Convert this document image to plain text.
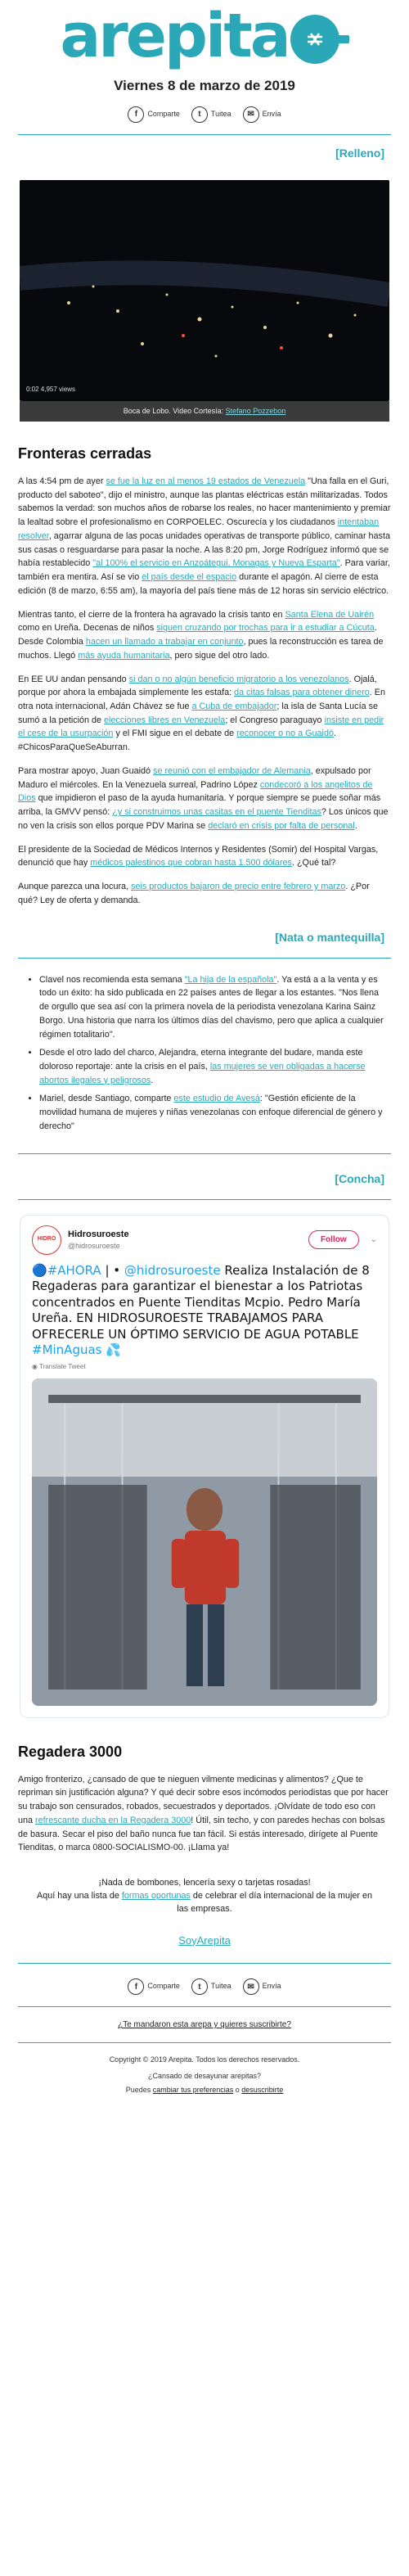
arepita
Viernes 8 de marzo de 2019
f	Comparte	t	Tuitea	✉	Envía
[Relleno]
0:02 4,957 views
Boca de Lobo. Video Cortesía: Stefano Pozzebon
Fronteras cerradas
A las 4:54 pm de ayer se fue la luz en al menos 19 estados de Venezuela "Una falla en el Guri, producto del saboteo", dijo el ministro, aunque las plantas eléctricas están militarizadas. Todos sabemos la verdad: son muchos años de robarse los reales, no hacer mantenimiento y premiar la lealtad sobre el profesionalismo en CORPOELEC. Oscurecía y los ciudadanos intentaban resolver, agarrar alguna de las pocas unidades operativas de transporte público, caminar hasta sus casas o resguardarse para pasar la noche. A las 8:20 pm, Jorge Rodríguez informó que se había restablecido "al 100% el servicio en Anzoátegui, Monagas y Nueva Esparta". Para variar, también era mentira. Así se vio el país desde el espacio durante el apagón. Al cierre de esta edición (8 de marzo, 6:55 am), la mayoría del país tiene más de 12 horas sin servicio eléctrico.
Mientras tanto, el cierre de la frontera ha agravado la crisis tanto en Santa Elena de Uairén como en Ureña. Decenas de niños siguen cruzando por trochas para ir a estudiar a Cúcuta. Desde Colombia hacen un llamado a trabajar en conjunto, pues la reconstrucción es tarea de muchos. Llegó más ayuda humanitaria, pero sigue del otro lado.
En EE UU andan pensando si dan o no algún beneficio migratorio a los venezolanos. Ojalá, porque por ahora la embajada simplemente les estafa: da citas falsas para obtener dinero. En otra nota internacional, Adán Chávez se fue a Cuba de embajador; la isla de Santa Lucía se sumó a la petición de elecciones libres en Venezuela; el Congreso paraguayo insiste en pedir el cese de la usurpación y el FMI sigue en el debate de reconocer o no a Guaidó. #ChicosParaQueSeAburran.
Para mostrar apoyo, Juan Guaidó se reunió con el embajador de Alemania, expulsado por Maduro el miércoles. En la Venezuela surreal, Padrino López condecoró a los angelitos de Dios que impidieron el paso de la ayuda humanitaria. Y porque siempre se puede soñar más arriba, la GMVV pensó: ¿y si construimos unas casitas en el puente Tienditas? Los únicos que no ven la crisis son ellos porque PDV Marina se declaró en crisis por falta de personal.
El presidente de la Sociedad de Médicos Internos y Residentes (Somir) del Hospital Vargas, denunció que hay médicos palestinos que cobran hasta 1.500 dólares. ¿Qué tal?
Aunque parezca una locura, seis productos bajaron de precio entre febrero y marzo. ¿Por qué? Ley de oferta y demanda.
[Nata o mantequilla]
• Clavel nos recomienda esta semana "La hija de la española". Ya está a a la venta y es todo un éxito: ha sido publicada en 22 países antes de llegar a los estantes. "Nos llena de orgullo que sea así con la primera novela de la periodista venezolana Karina Sainz Borgo. Una historia que narra los últimos días del chavismo, pero que aplica a cualquier régimen totalitario".
• Desde el otro lado del charco, Alejandra, eterna integrante del budare, manda este doloroso reportaje: ante la crisis en el país, las mujeres se ven obligadas a hacerse abortos ilegales y peligrosos.
• Mariel, desde Santiago, comparte este estudio de Avesá: "Gestión eficiente de la movilidad humana de mujeres y niñas venezolanas con enfoque diferencial de género y derecho"
[Concha]
HIDRO
Hidrosuroeste
@hidrosuroeste
Follow	⌄
🔵#AHORA | • @hidrosuroeste Realiza Instalación de 8 Regaderas para garantizar el bienestar a los Patriotas concentrados en Puente Tienditas Mcpio. Pedro María Ureña. EN HIDROSUROESTE TRABAJAMOS PARA OFRECERLE UN ÓPTIMO SERVICIO DE AGUA POTABLE #MinAguas 💦
◉ Translate Tweet
Regadera 3000
Amigo fronterizo, ¿cansado de que te nieguen vilmente medicinas y alimentos? ¿Que te repriman sin justificación alguna? Y qué decir sobre esos incómodos periodistas que por hacer su trabajo son censurados, robados, secuestrados y deportados. ¡Olvídate de todo eso con una refrescante ducha en la Regadera 3000! Útil, sin techo, y con paredes hechas con bolsas de basura. Secar el piso del baño nunca fue tan fácil. Si estás interesado, dirígete al Puente Tienditas, o marca 0800-SOCIALISMO-00. ¡Llama ya!
¡Nada de bombones, lencería sexy o tarjetas rosadas!
Aquí hay una lista de formas oportunas de celebrar el día internacional de la mujer en las empresas.
SoyArepita
f	Comparte	t	Tuitea	✉	Envía
¿Te mandaron esta arepa y quieres suscribirte?
Copyright © 2019 Arepita. Todos los derechos reservados.
¿Cansado de desayunar arepitas?
Puedes cambiar tus preferencias o desuscribirte
